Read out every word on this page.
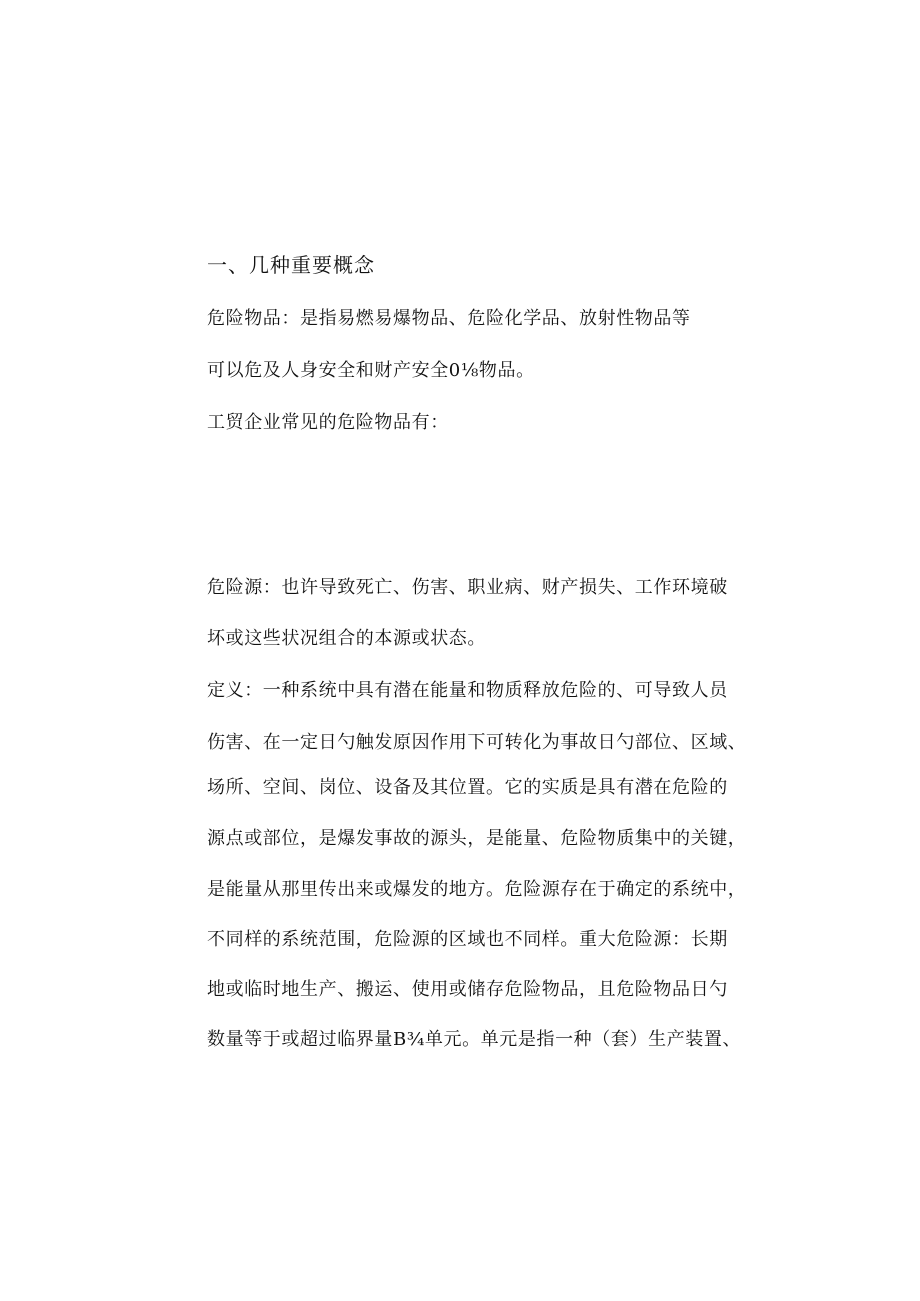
一、几种重要概念

危险物品：是指易燃易爆物品、危险化学品、放射性物品等

可以危及人身安全和财产安全0⅛物品。

工贸企业常见的危险物品有：

危险源：也许导致死亡、伤害、职业病、财产损失、工作环境破

坏或这些状况组合的本源或状态。

定义：一种系统中具有潜在能量和物质释放危险的、可导致人员

伤害、在一定日勺触发原因作用下可转化为事故日勺部位、区域、

场所、空间、岗位、设备及其位置。它的实质是具有潜在危险的

源点或部位，是爆发事故的源头，是能量、危险物质集中的关键，

是能量从那里传出来或爆发的地方。危险源存在于确定的系统中，

不同样的系统范围，危险源的区域也不同样。重大危险源：长期

地或临时地生产、搬运、使用或储存危险物品，且危险物品日勺

数量等于或超过临界量B¾单元。单元是指一种（套）生产装置、
